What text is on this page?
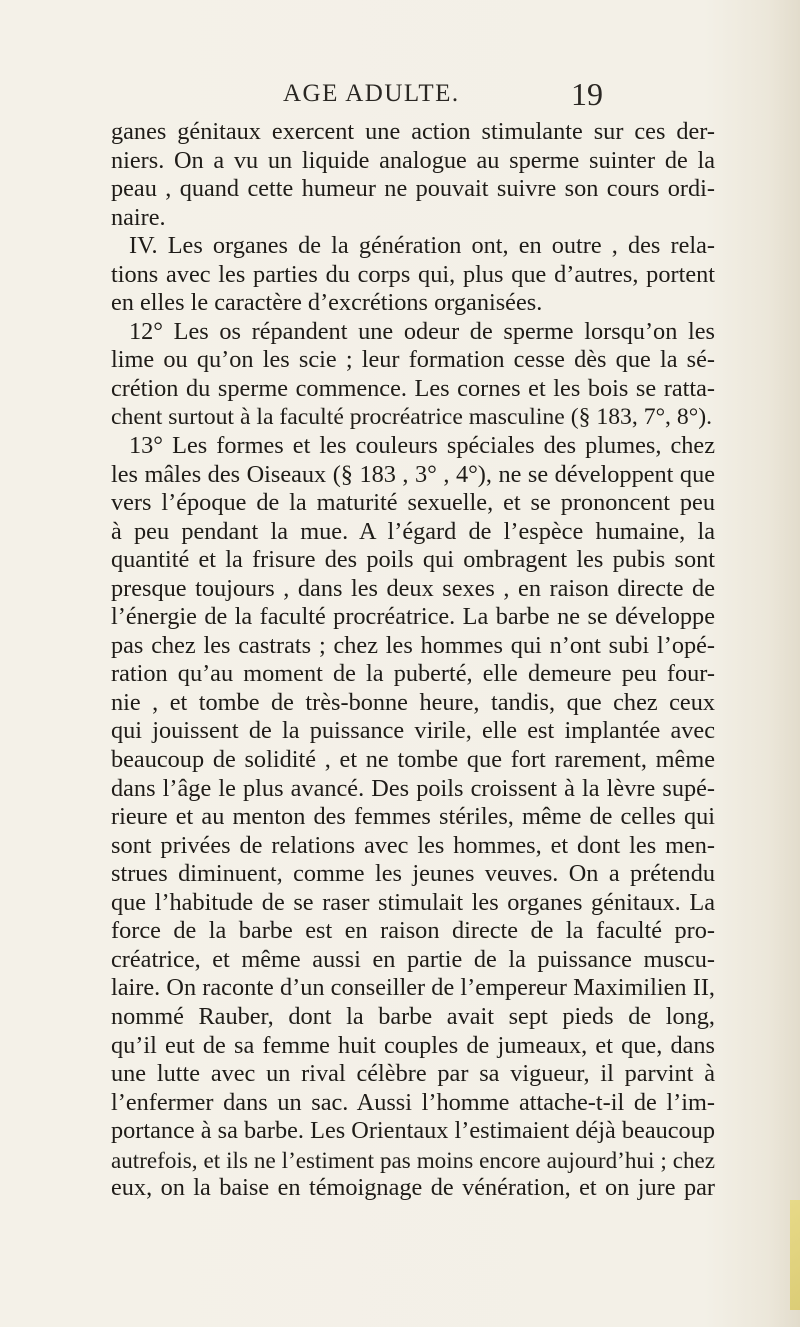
AGE ADULTE.	19
ganes génitaux exercent une action stimulante sur ces der-
niers. On a vu un liquide analogue au sperme suinter de la
peau , quand cette humeur ne pouvait suivre son cours ordi-
naire.
IV. Les organes de la génération ont, en outre , des rela-
tions avec les parties du corps qui, plus que d’autres, portent
en elles le caractère d’excrétions organisées.
12° Les os répandent une odeur de sperme lorsqu’on les
lime ou qu’on les scie ; leur formation cesse dès que la sé-
crétion du sperme commence. Les cornes et les bois se ratta-
chent surtout à la faculté procréatrice masculine (§ 183, 7°, 8°).
13° Les formes et les couleurs spéciales des plumes, chez
les mâles des Oiseaux (§ 183 , 3° , 4°), ne se développent que
vers l’époque de la maturité sexuelle, et se prononcent peu
à peu pendant la mue. A l’égard de l’espèce humaine, la
quantité et la frisure des poils qui ombragent les pubis sont
presque toujours , dans les deux sexes , en raison directe de
l’énergie de la faculté procréatrice. La barbe ne se développe
pas chez les castrats ; chez les hommes qui n’ont subi l’opé-
ration qu’au moment de la puberté, elle demeure peu four-
nie , et tombe de très-bonne heure, tandis, que chez ceux
qui jouissent de la puissance virile, elle est implantée avec
beaucoup de solidité , et ne tombe que fort rarement, même
dans l’âge le plus avancé. Des poils croissent à la lèvre supé-
rieure et au menton des femmes stériles, même de celles qui
sont privées de relations avec les hommes, et dont les men-
strues diminuent, comme les jeunes veuves. On a prétendu
que l’habitude de se raser stimulait les organes génitaux. La
force de la barbe est en raison directe de la faculté pro-
créatrice, et même aussi en partie de la puissance muscu-
laire. On raconte d’un conseiller de l’empereur Maximilien II,
nommé Rauber, dont la barbe avait sept pieds de long,
qu’il eut de sa femme huit couples de jumeaux, et que, dans
une lutte avec un rival célèbre par sa vigueur, il parvint à
l’enfermer dans un sac. Aussi l’homme attache-t-il de l’im-
portance à sa barbe. Les Orientaux l’estimaient déjà beaucoup
autrefois, et ils ne l’estiment pas moins encore aujourd’hui ; chez
eux, on la baise en témoignage de vénération, et on jure par
